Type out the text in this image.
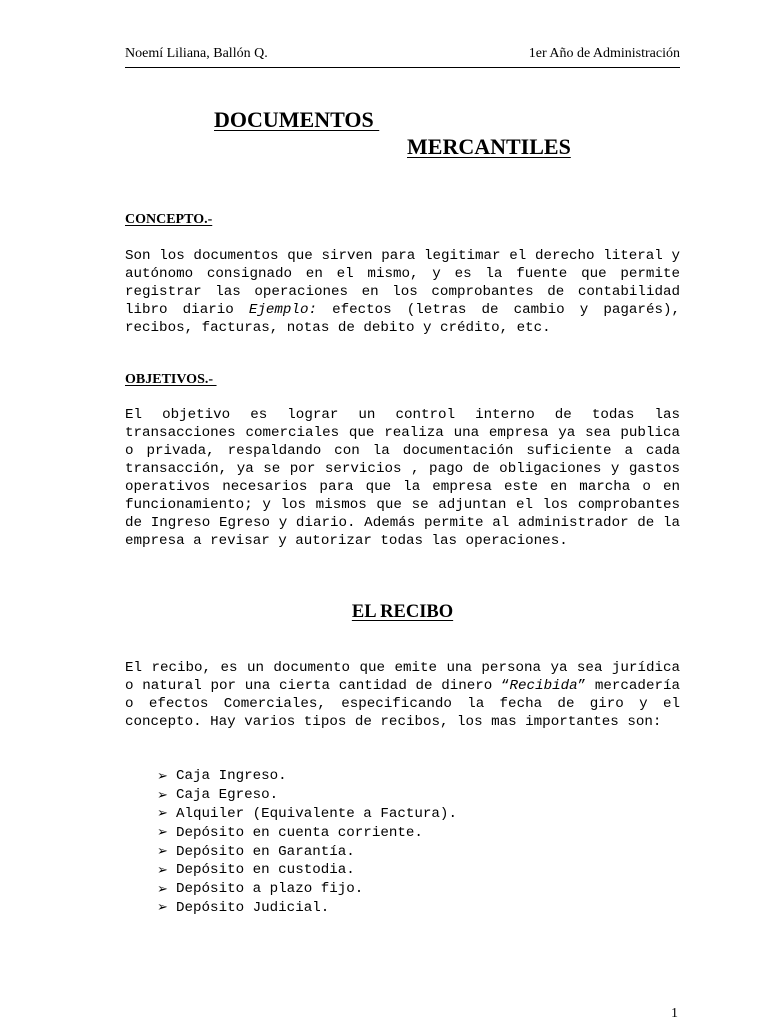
Noemí Liliana, Ballón Q.	1er Año de Administración
DOCUMENTOS
MERCANTILES
CONCEPTO.-
Son los documentos que sirven para legitimar el derecho literal y autónomo consignado en el mismo, y es la fuente que permite registrar las operaciones en los comprobantes de contabilidad libro diario Ejemplo: efectos (letras de cambio y pagarés), recibos, facturas, notas de debito y crédito, etc.
OBJETIVOS.-
El objetivo es lograr un control interno de todas las transacciones comerciales que realiza una empresa ya sea publica o privada, respaldando con la documentación suficiente a cada transacción, ya se por servicios , pago de obligaciones y gastos operativos necesarios para que la empresa este en marcha o en funcionamiento; y los mismos que se adjuntan el los comprobantes de Ingreso Egreso y diario. Además permite al administrador de la empresa a revisar y autorizar todas las operaciones.
EL RECIBO
El recibo, es un documento que emite una persona ya sea jurídica o natural por una cierta cantidad de dinero “Recibida” mercadería o efectos Comerciales, especificando la fecha de giro y el concepto. Hay varios tipos de recibos, los mas importantes son:
➢ Caja Ingreso.
➢ Caja Egreso.
➢ Alquiler (Equivalente a Factura).
➢ Depósito en cuenta corriente.
➢ Depósito en Garantía.
➢ Depósito en custodia.
➢ Depósito a plazo fijo.
➢ Depósito Judicial.
1
